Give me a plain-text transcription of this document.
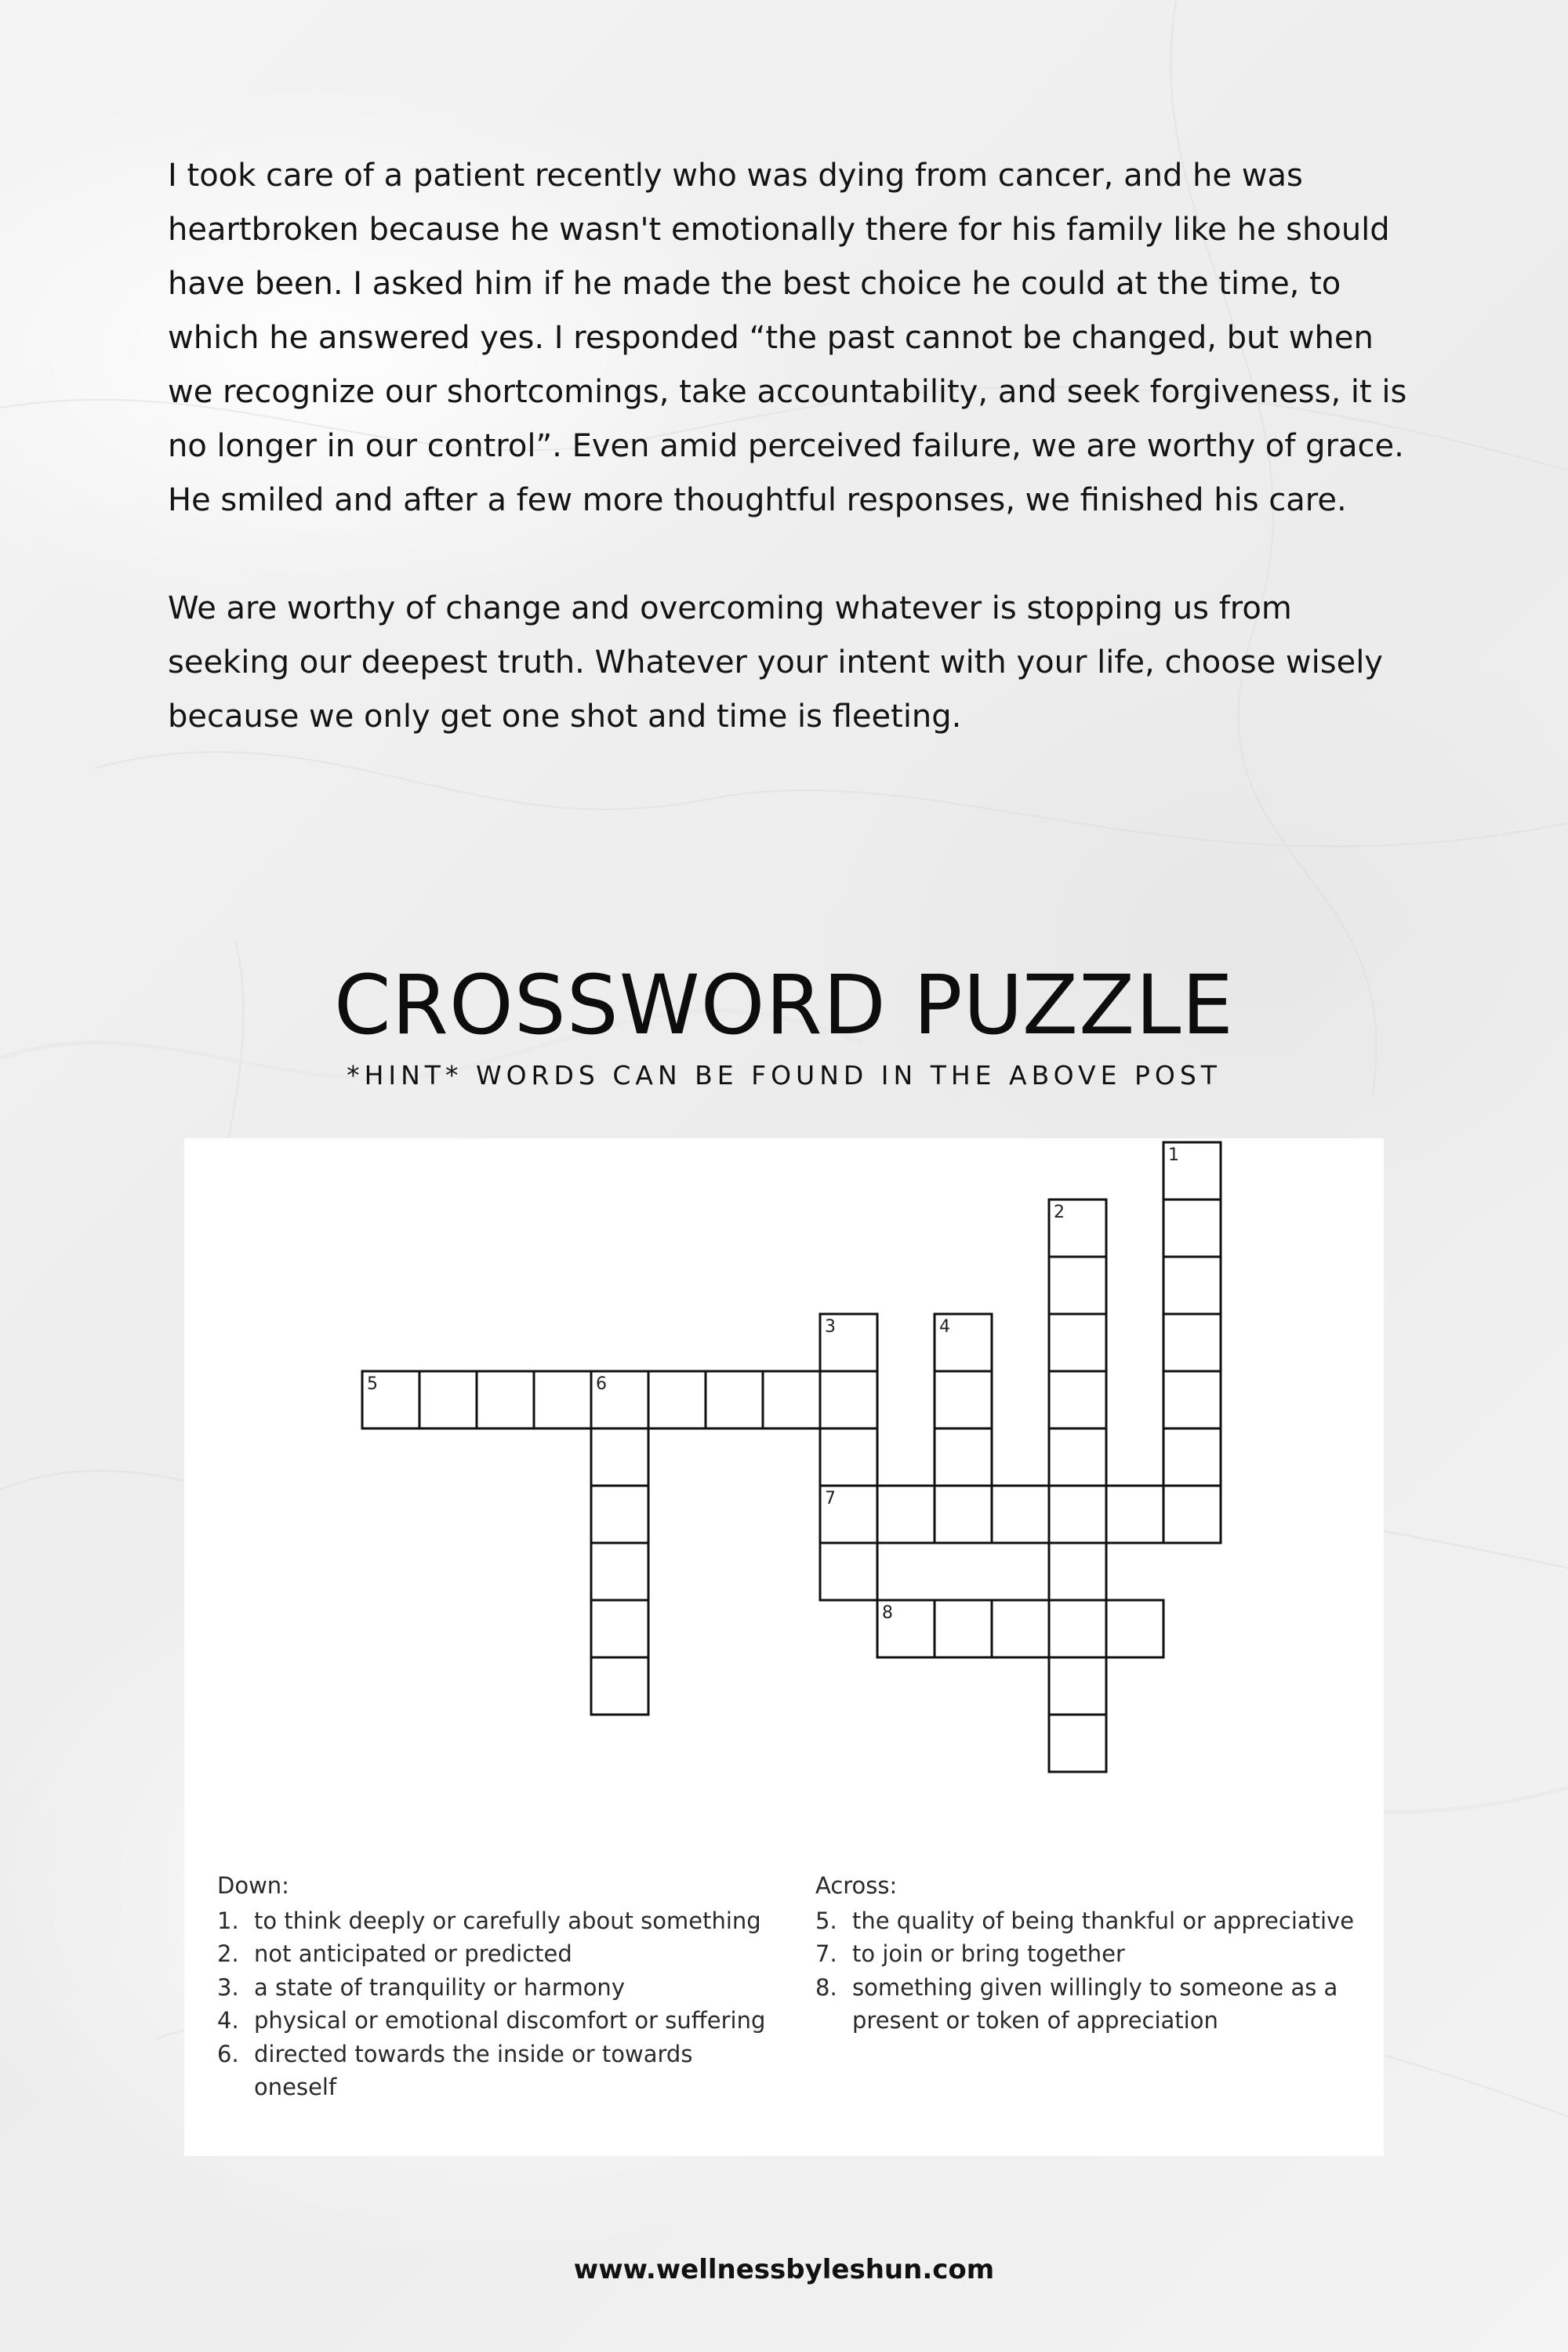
I took care of a patient recently who was dying from cancer, and he was heartbroken because he wasn't emotionally there for his family like he should have been. I asked him if he made the best choice he could at the time, to which he answered yes. I responded “the past cannot be changed, but when we recognize our shortcomings, take accountability, and seek forgiveness, it is no longer in our control”. Even amid perceived failure, we are worthy of grace. He smiled and after a few more thoughtful responses, we finished his care.

We are worthy of change and overcoming whatever is stopping us from seeking our deepest truth. Whatever your intent with your life, choose wisely because we only get one shot and time is fleeting.

CROSSWORD PUZZLE
*HINT* WORDS CAN BE FOUND IN THE ABOVE POST
1
2
3	4
5	6
7
8
Down:
1. to think deeply or carefully about something
2. not anticipated or predicted
3. a state of tranquility or harmony
4. physical or emotional discomfort or suffering
6. directed towards the inside or towards oneself
Across:
5. the quality of being thankful or appreciative
7. to join or bring together
8. something given willingly to someone as a present or token of appreciation
www.wellnessbyleshun.com
